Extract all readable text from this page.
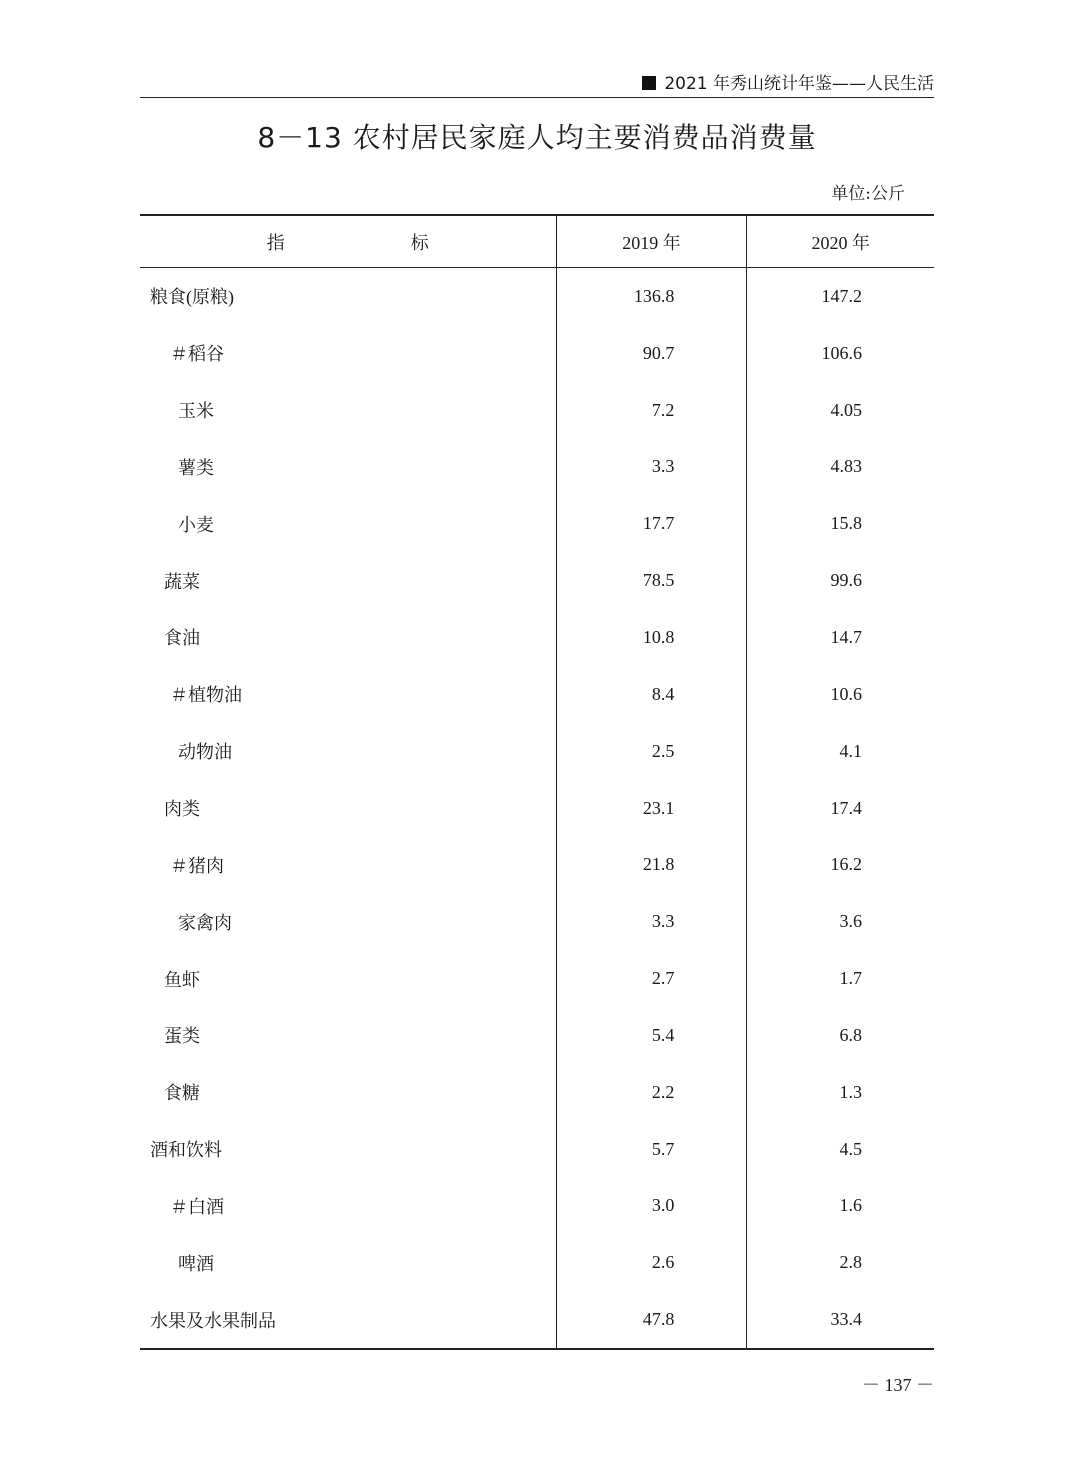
2021 年秀山统计年鉴——人民生活
8－13 农村居民家庭人均主要消费品消费量
单位:公斤
指　　标	2019 年	2020 年
粮食(原粮)	136.8	147.2
＃稻谷	90.7	106.6
玉米	7.2	4.05
薯类	3.3	4.83
小麦	17.7	15.8
蔬菜	78.5	99.6
食油	10.8	14.7
＃植物油	8.4	10.6
动物油	2.5	4.1
肉类	23.1	17.4
＃猪肉	21.8	16.2
家禽肉	3.3	3.6
鱼虾	2.7	1.7
蛋类	5.4	6.8
食糖	2.2	1.3
酒和饮料	5.7	4.5
＃白酒	3.0	1.6
啤酒	2.6	2.8
水果及水果制品	47.8	33.4
－ 137 －
